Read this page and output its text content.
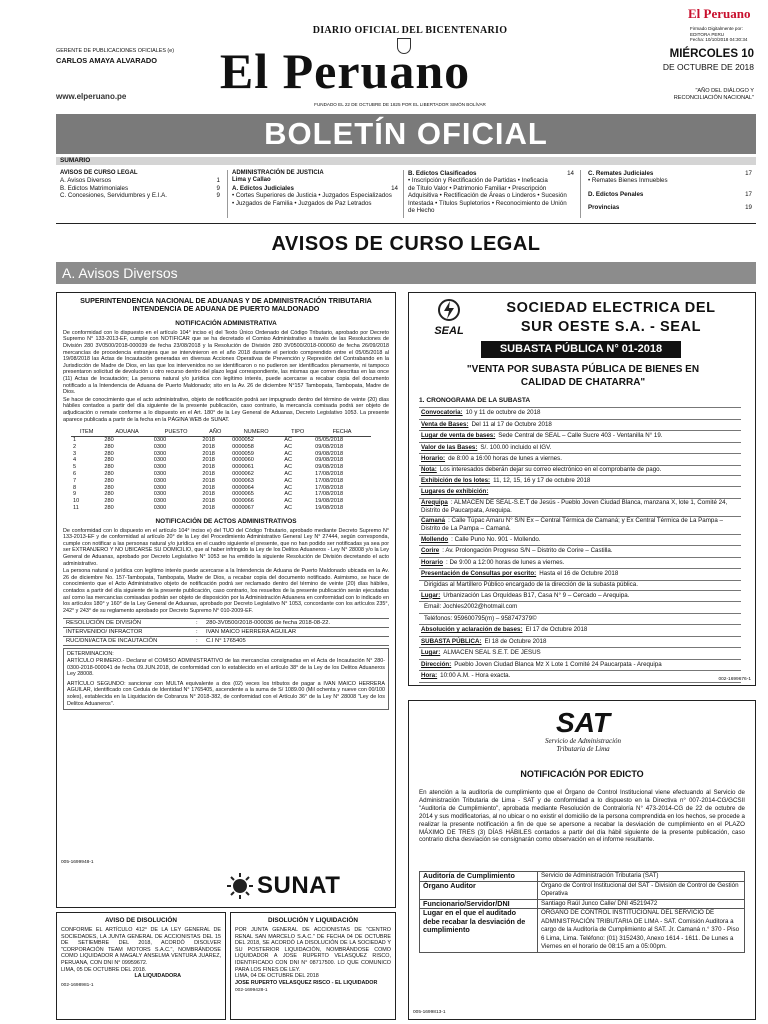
GERENTE DE PUBLICACIONES OFICIALES (e)
CARLOS AMAYA ALVARADO
www.elperuano.pe
DIARIO OFICIAL DEL BICENTENARIO
El Peruano
FUNDADO EL 22 DE OCTUBRE DE 1825 POR EL LIBERTADOR SIMÓN BOLÍVAR
El Peruano
Firmado Digitalmente por:
EDITORA PERU
Fecha: 10/10/2018 04:30:34
MIÉRCOLES 10
DE OCTUBRE DE 2018
"AÑO DEL DIÁLOGO Y
RECONCILIACIÓN NACIONAL"
BOLETÍN OFICIAL
SUMARIO
AVISOS DE CURSO LEGAL
A. Avisos Diversos	1
B. Edictos Matrimoniales	9
C. Concesiones, Servidumbres y E.I.A.	9
ADMINISTRACIÓN DE JUSTICIA
Lima y Callao
A. Edictos Judiciales	14
• Cortes Superiores de Justicia • Juzgados Especializados
• Juzgados de Familia • Juzgados de Paz Letrados
B. Edictos Clasificados	14
• Inscripción y Rectificación de Partidas • Ineficacia
de Título Valor • Patrimonio Familiar • Prescripción
Adquisitiva • Rectificación de Áreas o Linderos • Sucesión
Intestada • Títulos Supletorios • Reconocimiento de Unión
de Hecho
C. Remates Judiciales	17
• Remates Bienes Inmuebles
D. Edictos Penales	17
Provincias	19
AVISOS DE CURSO LEGAL
A. Avisos Diversos
SUPERINTENDENCIA NACIONAL DE ADUANAS Y DE ADMINISTRACIÓN TRIBUTARIA
INTENDENCIA DE ADUANA DE PUERTO MALDONADO
NOTIFICACIÓN ADMINISTRATIVA
De conformidad con lo dispuesto en el artículo 104° inciso e) del Texto Único Ordenado del Código Tributario, aprobado por Decreto Supremo N° 133-2013-EF, cumple con NOTIFICAR que se ha decretado el Comiso Administrativo a través de las Resoluciones de División 280 3V0500/2018-000039 de fecha 23/08/2018 y la Resolución de División 280 3V0500/2018-000060 de fecha 26/09/2018 mercancías de procedencia extranjera que se intervinieron en el año 2018 durante el periodo comprendido entre el 05/05/2018 al 19/08/2018 las Actas de Incautación generadas en diversas Acciones Operativas de Prevención y Represión del Contrabando en la Jurisdicción de Madre de Dios, en las que los intervenidos no se identificaron o no pudieron ser identificados plenamente, ni tampoco presentaron solicitud de devolución u otro recurso dentro del plazo legal correspondiente, las mismas que corren descritas en las once (11) Actas de Incautación; La persona natural y/o jurídica con legítimo interés, puede acercarse a recabar copia del documento notificado a la Intendencia de Aduana de Puerto Maldonado; sito en la Av. 26 de diciembre N°157 Tambopata, Tambopata, Madre de Dios.
Se hace de conocimiento que el acto administrativo, objeto de notificación podrá ser impugnado dentro del término de veinte (20) días hábiles contados a partir del día siguiente de la presente publicación, caso contrario, la mercancía comisada podrá ser objeto de adjudicación o remate conforme a lo dispuesto en el Art. 180° de la Ley General de Aduanas, Decreto Legislativo 1053. La presente aparece publicada a partir de la fecha en la PÁGINA WEB de SUNAT.
ITEM	ADUANA	PUESTO	AÑO	NUMERO	TIPO	FECHA
1	280	0300	2018	0000052	AC	05/05/2018
2	280	0300	2018	0000058	AC	09/08/2018
3	280	0300	2018	0000059	AC	09/08/2018
4	280	0300	2018	0000060	AC	09/08/2018
5	280	0300	2018	0000061	AC	09/08/2018
6	280	0300	2018	0000062	AC	17/08/2018
7	280	0300	2018	0000063	AC	17/08/2018
8	280	0300	2018	0000064	AC	17/08/2018
9	280	0300	2018	0000065	AC	17/08/2018
10	280	0300	2018	0000066	AC	19/08/2018
11	280	0300	2018	0000067	AC	19/08/2018
NOTIFICACIÓN DE ACTOS ADMINISTRATIVOS
De conformidad con lo dispuesto en el artículo 104° inciso e) del TUO del Código Tributario, aprobado mediante Decreto Supremo N° 133-2013-EF y de conformidad al artículo 20° de la Ley del Procedimiento Administrativo General Ley N° 27444, según corresponda, cumple con notificar a las personas natural y/o jurídica en el cuadro siguiente el presente, que no han podido ser notificadas ya sea por ser EXTRANJERO Y NO UBICARSE SU DOMICILIO, que al haber infringido la Ley de los Delitos Aduaneros - Ley N° 28008 y/o la Ley General de Aduanas, aprobado por Decreto Legislativo N° 1053 se ha emitido la siguiente Resolución de División decretando el acto administrativo.
La persona natural o jurídica con legítimo interés puede acercarse a la Intendencia de Aduana de Puerto Maldonado ubicada en la Av. 26 de diciembre No. 157-Tambopata, Tambopata, Madre de Dios, a recabar copia del documento notificado. Asimismo, se hace de conocimiento que el Acto Administrativo objeto de notificación podrá ser reclamado dentro del término de veinte (20) días hábiles, contados a partir del día siguiente de la presente publicación, caso contrario, los resueltos de la presente publicación serán ejecutadas así como las mercancías comisadas podrán ser objeto de disposición por la Administración Aduanera en conformidad con lo indicado en los artículos 180° y 160° de la Ley General de Aduanas, aprobado por Decreto Legislativo N° 1053, concordante con los artículos 235°, 242° y 243° de su reglamento aprobado por Decreto Supremo N° 010-2009-EF.
RESOLUCIÓN DE DIVISIÓN	:	280-3V0500/2018-000036 de fecha 2018-08-22.
INTERVENIDO/ INFRACTOR	:	IVAN MAICO HERRERA AGUILAR
RUC/DNI/ACTA DE INCAUTACIÓN	:	C.I N° 1765405
DETERMINACION:
ARTÍCULO PRIMERO.- Declarar el COMISO ADMINISTRATIVO de las mercancías consignadas en el Acta de Incautación N° 280-0300-2018-000041 de fecha 09.JUN.2018, de conformidad con lo establecido en el artículo 38° de la Ley de los Delitos Aduaneros Ley 28008.
ARTÍCULO SEGUNDO: sancionar con MULTA equivalente a dos (02) veces los tributos de pagar a IVAN MAICO HERRERA AGUILAR, identificado con Cedula de Identidad N° 1765405, ascendente a la suma de S/ 1089.00 (Mil ochenta y nueve con 00/100 soles), establecida en la Liquidación de Cobranza N° 2018-382, de conformidad con el Artículo 36° de la Ley N° 28008 "Ley de los Delitos Aduaneros".
005-1699948-1
SUNAT
AVISO DE DISOLUCIÓN
CONFORME EL ARTÍCULO 412° DE LA LEY GENERAL DE SOCIEDADES, LA JUNTA GENERAL DE ACCIONISTAS DEL 15 DE SETIEMBRE DEL 2018, ACORDÓ DISOLVER "CORPORACIÓN TEAM MOTORS S.A.C.", NOMBRÁNDOSE COMO LIQUIDADOR A MAGALY ANSELMA VENTURA JUAREZ, PERUANA, CON DNI N° 09959672.
LIMA, 05 DE OCTUBRE DEL 2018.
LA LIQUIDADORA
002-1698981-1
DISOLUCIÓN Y LIQUIDACIÓN
POR JUNTA GENERAL DE ACCIONISTAS DE "CENTRO RENAL SAN MARCELO S.A.C." DE FECHA 04 DE OCTUBRE DEL 2018, SE ACORDÓ LA DISOLUCIÓN DE LA SOCIEDAD Y SU POSTERIOR LIQUIDACIÓN, NOMBRÁNDOSE COMO LIQUIDADOR A JOSE RUPERTO VELASQUEZ RISCO, IDENTIFICADO CON DNI N° 08717500. LO QUE COMUNICO PARA LOS FINES DE LEY.
LIMA, 04 DE OCTUBRE DEL 2018
JOSE RUPERTO VELASQUEZ RISCO - EL LIQUIDADOR
002-1699428-1
SEAL
SOCIEDAD ELECTRICA DEL
SUR OESTE S.A. - SEAL
SUBASTA PÚBLICA N° 01-2018
"VENTA POR SUBASTA PÚBLICA DE BIENES EN
CALIDAD DE CHATARRA"
1. CRONOGRAMA DE LA SUBASTA
Convocatoria: 10 y 11 de octubre de 2018
Venta de Bases: Del 11 al 17 de Octubre 2018
Lugar de venta de bases: Sede Central de SEAL – Calle Sucre 403 - Ventanilla N° 19.
Valor de las Bases: S/. 100.00 incluido el IGV.
Horario: de 8:00 a 16:00 horas de lunes a viernes.
Nota: Los interesados deberán dejar su correo electrónico en el comprobante de pago.
Exhibición de los lotes: 11, 12, 15, 16 y 17 de octubre 2018
Lugares de exhibición:
Arequipa : ALMACÉN DE SEAL-S.E.T de Jesús - Pueblo Joven Ciudad Blanca, manzana X, lote 1, Comité 24, Distrito de Paucarpata, Arequipa.
Camaná : Calle Túpac Amaru N° S/N Ex – Central Térmica de Camaná; y Ex Central Térmica de La Pampa – Distrito de La Pampa – Camaná.
Mollendo : Calle Puno No. 901 - Mollendo.
Corire : Av. Prolongación Progreso S/N – Distrito de Corire – Castilla.
Horario : De 9:00 a 12:00 horas de lunes a viernes.
Presentación de Consultas por escrito: Hasta el 16 de Octubre 2018
Dirigidas al Martillero Público encargado de la dirección de la subasta pública.
Lugar: Urbanización Las Orquídeas B17, Casa N° 9 – Cercado – Arequipa.
Email: Jochles2002@hotmail.com
Teléfonos: 959600795(m) – 958747379©
Absolución y aclaración de bases: El 17 de Octubre 2018
SUBASTA PÚBLICA: El 18 de Octubre 2018
Lugar: ALMACEN SEAL S.E.T. DE JESUS
Dirección: Pueblo Joven Ciudad Blanca Mz X Lote 1 Comité 24 Paucarpata - Arequipa
Hora: 10:00 A.M. - Hora exacta.
002-1699676-1
SAT
Servicio de Administración
Tributaria de Lima
NOTIFICACIÓN POR EDICTO
En atención a la auditoría de cumplimiento que el Órgano de Control Institucional viene efectuando al Servicio de Administración Tributaria de Lima - SAT y de conformidad a lo dispuesto en la Directiva n° 007-2014-CG/GCSII "Auditoría de Cumplimiento", aprobada mediante Resolución de Contraloría N° 473-2014-CG de 22 de octubre de 2014 y sus modificatorias, al no ubicar o no existir el domicilio de la persona comprendida en los hechos, se procede a realizar la presente notificación a fin de que se apersone a recabar la desviación de cumplimiento en el PLAZO MÁXIMO DE TRES (3) DÍAS HÁBILES contados a partir del día hábil siguiente de la presente publicación, caso contrario dicha desviación se consignarán como observación en el informe resultante.
Auditoría de Cumplimiento	Servicio de Administración Tributaria (SAT)
Órgano Auditor	Órgano de Control Institucional del SAT - División de Control de Gestión Operativa
Funcionario/Servidor/DNI	Santiago Raúl Junco Calle/ DNI 45219472
Lugar en el que el auditado debe recabar la desviación de cumplimiento	ÓRGANO DE CONTROL INSTITUCIONAL DEL SERVICIO DE ADMINISTRACIÓN TRIBUTARIA DE LIMA - SAT. Comisión Auditora a cargo de la Auditoría de Cumplimiento al SAT. Jr. Camaná n.° 370 - Piso 6 Lima, Lima. Teléfono: (01) 3152430, Anexo 1614 - 1611. De Lunes a Viernes en el horario de 08:15 am a 05:00pm.
005-1699813-1
